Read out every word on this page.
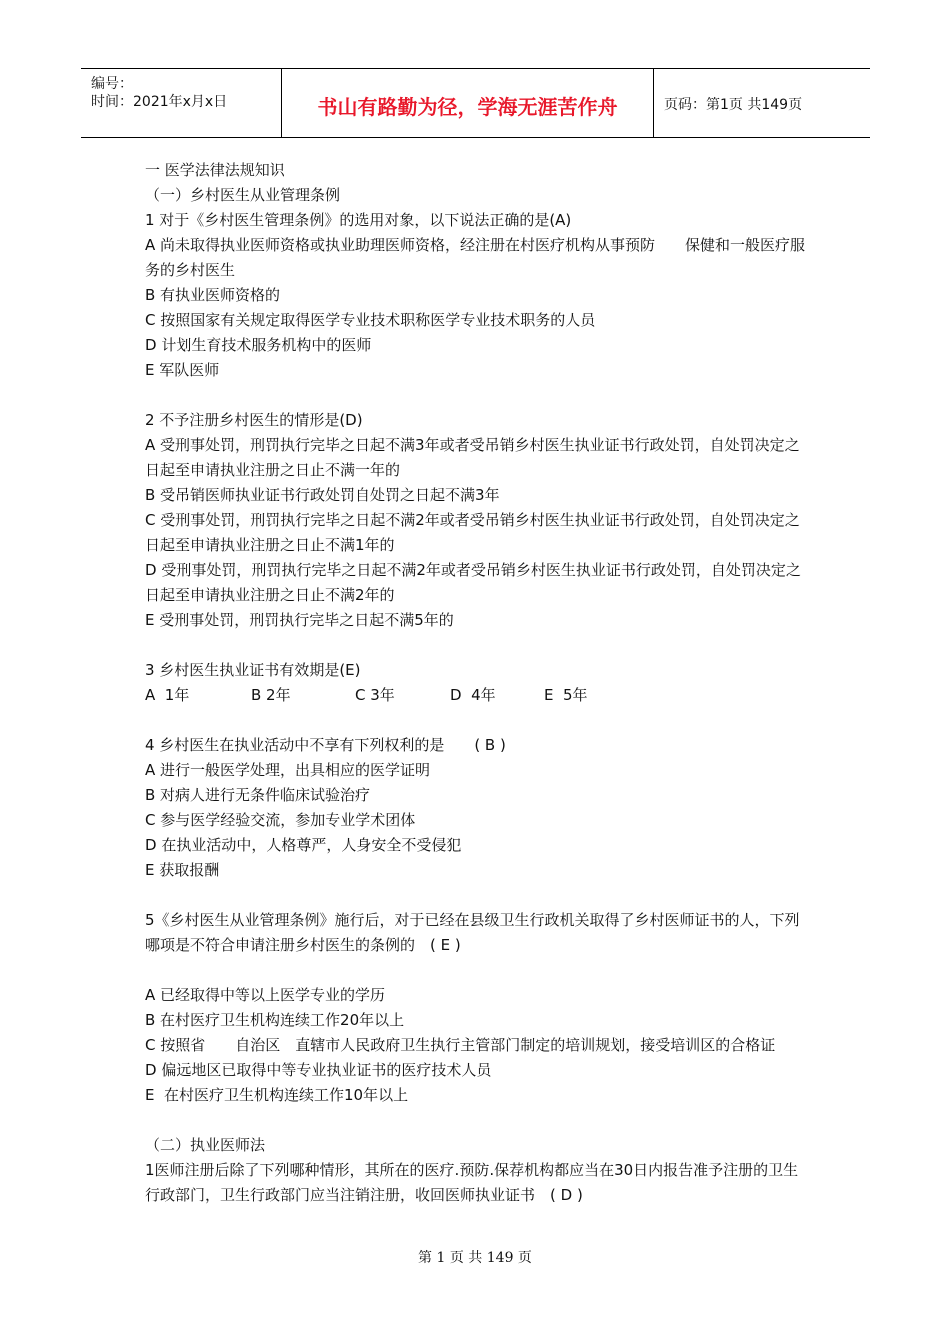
编号：
时间：2021年x月x日	书山有路勤为径，学海无涯苦作舟	页码：第1页 共149页

一 医学法律法规知识

（一）乡村医生从业管理条例

1 对于《乡村医生管理条例》的选用对象，以下说法正确的是(A)

A 尚未取得执业医师资格或执业助理医师资格，经注册在村医疗机构从事预防　　保健和一般医疗服务的乡村医生

B 有执业医师资格的

C 按照国家有关规定取得医学专业技术职称医学专业技术职务的人员

D 计划生育技术服务机构中的医师

E 军队医师

2 不予注册乡村医生的情形是(D)

A 受刑事处罚，刑罚执行完毕之日起不满3年或者受吊销乡村医生执业证书行政处罚，自处罚决定之日起至申请执业注册之日止不满一年的

B 受吊销医师执业证书行政处罚自处罚之日起不满3年

C 受刑事处罚，刑罚执行完毕之日起不满2年或者受吊销乡村医生执业证书行政处罚，自处罚决定之日起至申请执业注册之日止不满1年的

D 受刑事处罚，刑罚执行完毕之日起不满2年或者受吊销乡村医生执业证书行政处罚，自处罚决定之日起至申请执业注册之日止不满2年的

E 受刑事处罚，刑罚执行完毕之日起不满5年的

3 乡村医生执业证书有效期是(E)

A  1年	B 2年	C 3年	D  4年	E  5年

4 乡村医生在执业活动中不享有下列权利的是　　( B )

A 进行一般医学处理，出具相应的医学证明

B 对病人进行无条件临床试验治疗

C 参与医学经验交流，参加专业学术团体

D 在执业活动中，人格尊严，人身安全不受侵犯

E 获取报酬

5《乡村医生从业管理条例》施行后，对于已经在县级卫生行政机关取得了乡村医师证书的人，下列哪项是不符合申请注册乡村医生的条例的　( E )

A 已经取得中等以上医学专业的学历

B 在村医疗卫生机构连续工作20年以上

C 按照省　　自治区　直辖市人民政府卫生执行主管部门制定的培训规划，接受培训区的合格证

D 偏远地区已取得中等专业执业证书的医疗技术人员

E  在村医疗卫生机构连续工作10年以上

（二）执业医师法

1医师注册后除了下列哪种情形，其所在的医疗.预防.保荐机构都应当在30日内报告准予注册的卫生行政部门，卫生行政部门应当注销注册，收回医师执业证书　( D )

第 1 页 共 149 页
